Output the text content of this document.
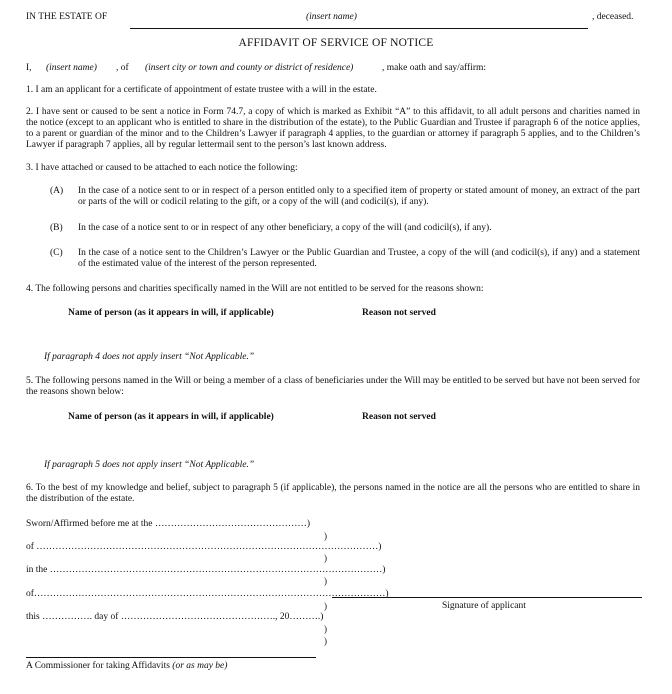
IN THE ESTATE OF	(insert name)	, deceased.
AFFIDAVIT OF SERVICE OF NOTICE
I, (insert name) , of (insert city or town and county or district of residence)	, make oath and say/affirm:
1. I am an applicant for a certificate of appointment of estate trustee with a will in the estate.
2. I have sent or caused to be sent a notice in Form 74.7, a copy of which is marked as Exhibit “A” to this affidavit, to all adult persons and charities named in the notice (except to an applicant who is entitled to share in the distribution of the estate), to the Public Guardian and Trustee if paragraph 6 of the notice applies, to a parent or guardian of the minor and to the Children’s Lawyer if paragraph 4 applies, to the guardian or attorney if paragraph 5 applies, and to the Children’s Lawyer if paragraph 7 applies, all by regular lettermail sent to the person’s last known address.
3. I have attached or caused to be attached to each notice the following:
(A) In the case of a notice sent to or in respect of a person entitled only to a specified item of property or stated amount of money, an extract of the part or parts of the will or codicil relating to the gift, or a copy of the will (and codicil(s), if any).
(B) In the case of a notice sent to or in respect of any other beneficiary, a copy of the will (and codicil(s), if any).
(C) In the case of a notice sent to the Children’s Lawyer or the Public Guardian and Trustee, a copy of the will (and codicil(s), if any) and a statement of the estimated value of the interest of the person represented.
4. The following persons and charities specifically named in the Will are not entitled to be served for the reasons shown:
Name of person (as it appears in will, if applicable)	Reason not served
If paragraph 4 does not apply insert “Not Applicable.”
5. The following persons named in the Will or being a member of a class of beneficiaries under the Will may be entitled to be served but have not been served for the reasons shown below:
Name of person (as it appears in will, if applicable)	Reason not served
If paragraph 5 does not apply insert “Not Applicable.”
6. To the best of my knowledge and belief, subject to paragraph 5 (if applicable), the persons named in the notice are all the persons who are entitled to share in the distribution of the estate.
Sworn/Affirmed before me at the …………………………………………)
)
of ………………………………………………………………………………………………)
)
in the ……………………………………………………………………………………………)
)
of…………………………………………………………………………………………………)
)
this ……………. day of …………………………………………., 20……….)
)
)
Signature of applicant
A Commissioner for taking Affidavits (or as may be)
